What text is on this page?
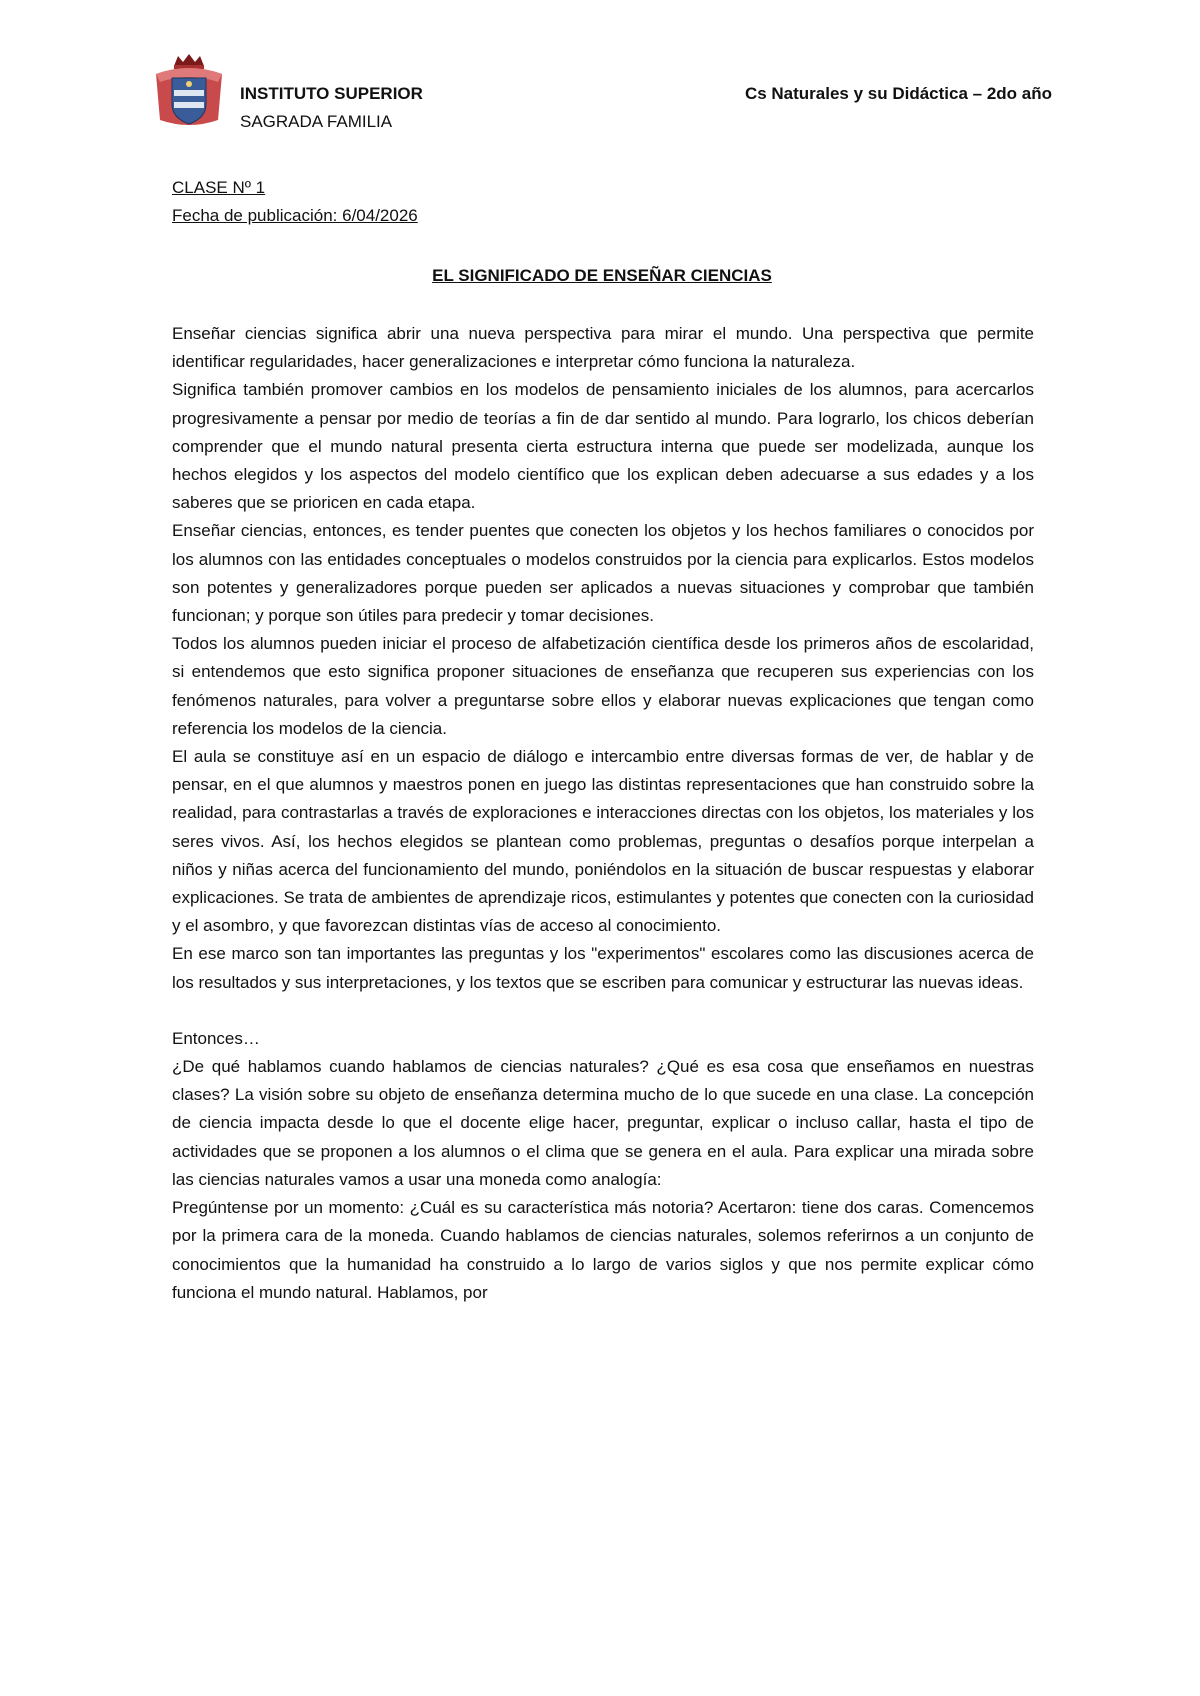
INSTITUTO SUPERIOR
SAGRADA FAMILIA
Cs Naturales y su Didáctica – 2do año
CLASE Nº 1
Fecha de publicación: 6/04/2026
EL SIGNIFICADO DE ENSEÑAR CIENCIAS

Enseñar ciencias significa abrir una nueva perspectiva para mirar el mundo. Una perspectiva que permite identificar regularidades, hacer generalizaciones e interpretar cómo funciona la naturaleza.

Significa también promover cambios en los modelos de pensamiento iniciales de los alumnos, para acercarlos progresivamente a pensar por medio de teorías a fin de dar sentido al mundo. Para lograrlo, los chicos deberían comprender que el mundo natural presenta cierta estructura interna que puede ser modelizada, aunque los hechos elegidos y los aspectos del modelo científico que los explican deben adecuarse a sus edades y a los saberes que se prioricen en cada etapa.

Enseñar ciencias, entonces, es tender puentes que conecten los objetos y los hechos familiares o conocidos por los alumnos con las entidades conceptuales o modelos construidos por la ciencia para explicarlos. Estos modelos son potentes y generalizadores porque pueden ser aplicados a nuevas situaciones y comprobar que también funcionan; y porque son útiles para predecir y tomar decisiones.

Todos los alumnos pueden iniciar el proceso de alfabetización científica desde los primeros años de escolaridad, si entendemos que esto significa proponer situaciones de enseñanza que recuperen sus experiencias con los fenómenos naturales, para volver a preguntarse sobre ellos y elaborar nuevas explicaciones que tengan como referencia los modelos de la ciencia.

El aula se constituye así en un espacio de diálogo e intercambio entre diversas formas de ver, de hablar y de pensar, en el que alumnos y maestros ponen en juego las distintas representaciones que han construido sobre la realidad, para contrastarlas a través de exploraciones e interacciones directas con los objetos, los materiales y los seres vivos. Así, los hechos elegidos se plantean como problemas, preguntas o desafíos porque interpelan a niños y niñas acerca del funcionamiento del mundo, poniéndolos en la situación de buscar respuestas y elaborar explicaciones. Se trata de ambientes de aprendizaje ricos, estimulantes y potentes que conecten con la curiosidad y el asombro, y que favorezcan distintas vías de acceso al conocimiento.

En ese marco son tan importantes las preguntas y los "experimentos" escolares como las discusiones acerca de los resultados y sus interpretaciones, y los textos que se escriben para comunicar y estructurar las nuevas ideas.

Entonces…

¿De qué hablamos cuando hablamos de ciencias naturales? ¿Qué es esa cosa que enseñamos en nuestras clases? La visión sobre su objeto de enseñanza determina mucho de lo que sucede en una clase. La concepción de ciencia impacta desde lo que el docente elige hacer, preguntar, explicar o incluso callar, hasta el tipo de actividades que se proponen a los alumnos o el clima que se genera en el aula. Para explicar una mirada sobre las ciencias naturales vamos a usar una moneda como analogía:

Pregúntense por un momento: ¿Cuál es su característica más notoria? Acertaron: tiene dos caras. Comencemos por la primera cara de la moneda. Cuando hablamos de ciencias naturales, solemos referirnos a un conjunto de conocimientos que la humanidad ha construido a lo largo de varios siglos y que nos permite explicar cómo funciona el mundo natural. Hablamos, por
